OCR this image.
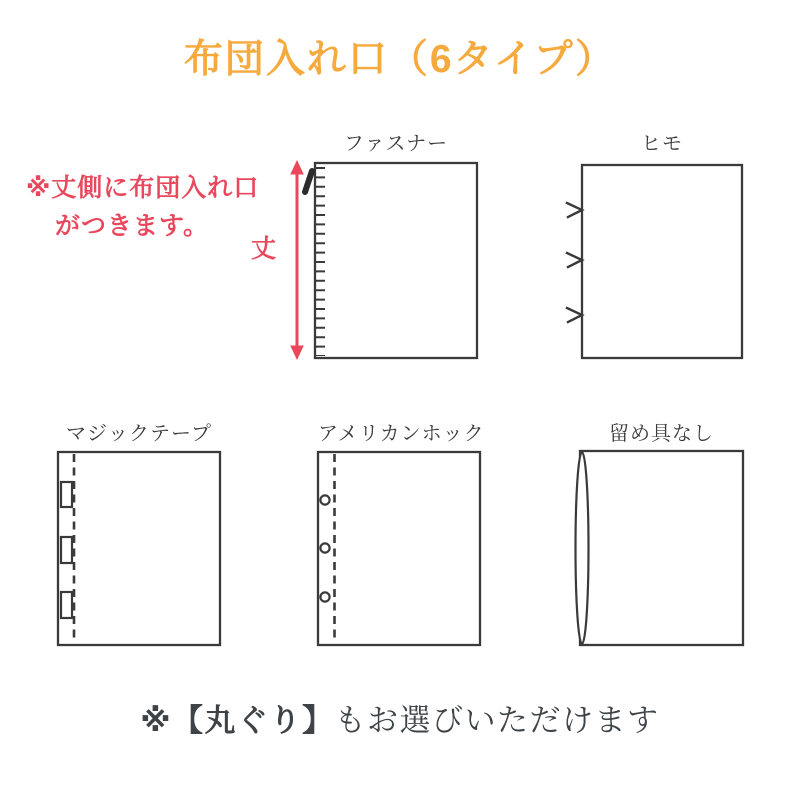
布団入れ口（6タイプ）
※丈側に布団入れ口
がつきます。
丈
ファスナー	ヒモ
マジックテープ	アメリカンホック	留め具なし

※【丸ぐり】もお選びいただけます
